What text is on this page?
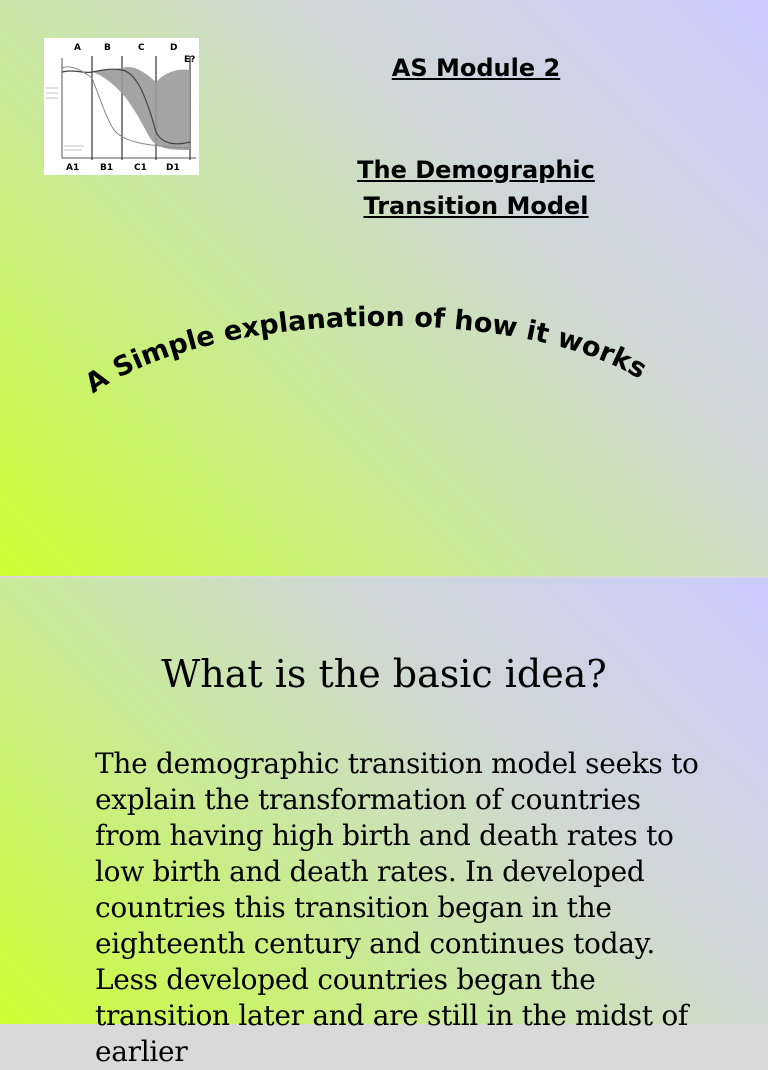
A	B	C	D
E?
A1 B1 C1 D1
AS Module 2
The Demographic Transition Model
A Simple explanation of how it works
What is the basic idea?

The demographic transition model seeks to explain the transformation of countries from having high birth and death rates to low birth and death rates. In developed countries this transition began in the eighteenth century and continues today. Less developed countries began the transition later and are still in the midst of earlier
